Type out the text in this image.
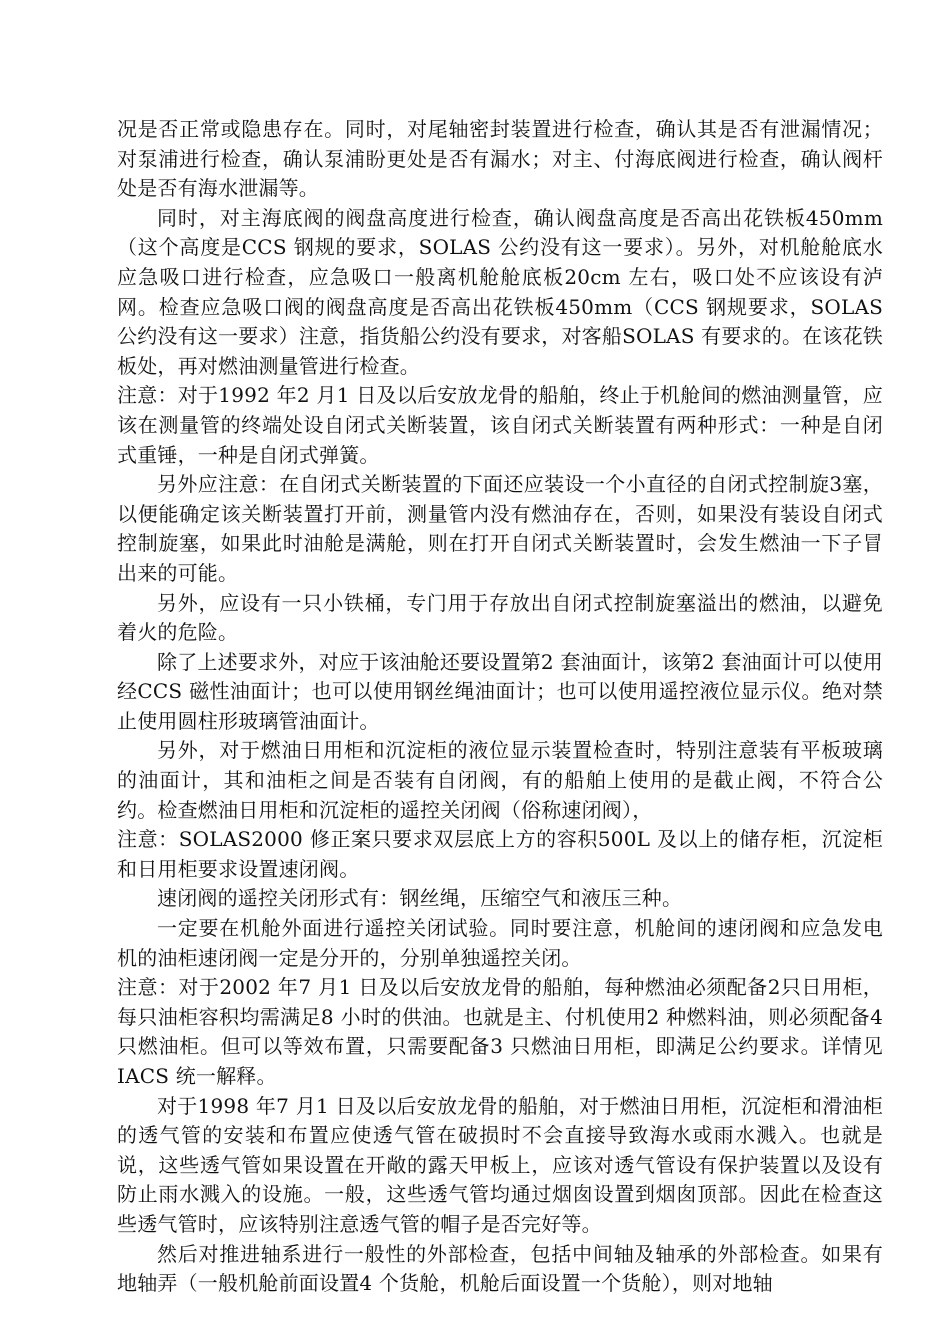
况是否正常或隐患存在。同时，对尾轴密封装置进行检查，确认其是否有泄漏情况；对泵浦进行检查，确认泵浦盼更处是否有漏水；对主、付海底阀进行检查，确认阀杆处是否有海水泄漏等。

同时，对主海底阀的阀盘高度进行检查，确认阀盘高度是否高出花铁板450mm（这个高度是CCS 钢规的要求，SOLAS 公约没有这一要求）。另外，对机舱舱底水应急吸口进行检查，应急吸口一般离机舱舱底板20cm 左右，吸口处不应该设有泸网。检查应急吸口阀的阀盘高度是否高出花铁板450mm（CCS 钢规要求，SOLAS 公约没有这一要求）注意，指货船公约没有要求，对客船SOLAS 有要求的。在该花铁板处，再对燃油测量管进行检查。

注意：对于1992 年2 月1 日及以后安放龙骨的船舶，终止于机舱间的燃油测量管，应该在测量管的终端处设自闭式关断装置，该自闭式关断装置有两种形式：一种是自闭式重锤，一种是自闭式弹簧。

另外应注意：在自闭式关断装置的下面还应装设一个小直径的自闭式控制旋3塞，以便能确定该关断装置打开前，测量管内没有燃油存在，否则，如果没有装设自闭式控制旋塞，如果此时油舱是满舱，则在打开自闭式关断装置时，会发生燃油一下子冒出来的可能。

另外，应设有一只小铁桶，专门用于存放出自闭式控制旋塞溢出的燃油，以避免着火的危险。

除了上述要求外，对应于该油舱还要设置第2 套油面计，该第2 套油面计可以使用经CCS 磁性油面计；也可以使用钢丝绳油面计；也可以使用遥控液位显示仪。绝对禁止使用圆柱形玻璃管油面计。

另外，对于燃油日用柜和沉淀柜的液位显示装置检查时，特别注意装有平板玻璃的油面计，其和油柜之间是否装有自闭阀，有的船舶上使用的是截止阀，不符合公约。检查燃油日用柜和沉淀柜的遥控关闭阀（俗称速闭阀），

注意：SOLAS2000 修正案只要求双层底上方的容积500L 及以上的储存柜，沉淀柜和日用柜要求设置速闭阀。

速闭阀的遥控关闭形式有：钢丝绳，压缩空气和液压三种。

一定要在机舱外面进行遥控关闭试验。同时要注意，机舱间的速闭阀和应急发电机的油柜速闭阀一定是分开的，分别单独遥控关闭。

注意：对于2002 年7 月1 日及以后安放龙骨的船舶，每种燃油必须配备2只日用柜，每只油柜容积均需满足8 小时的供油。也就是主、付机使用2 种燃料油，则必须配备4 只燃油柜。但可以等效布置，只需要配备3 只燃油日用柜，即满足公约要求。详情见IACS 统一解释。

对于1998 年7 月1 日及以后安放龙骨的船舶，对于燃油日用柜，沉淀柜和滑油柜的透气管的安装和布置应使透气管在破损时不会直接导致海水或雨水溅入。也就是说，这些透气管如果设置在开敞的露天甲板上，应该对透气管设有保护装置以及设有防止雨水溅入的设施。一般，这些透气管均通过烟囱设置到烟囱顶部。因此在检查这些透气管时，应该特别注意透气管的帽子是否完好等。

然后对推进轴系进行一般性的外部检查，包括中间轴及轴承的外部检查。如果有地轴弄（一般机舱前面设置4 个货舱，机舱后面设置一个货舱），则对地轴
